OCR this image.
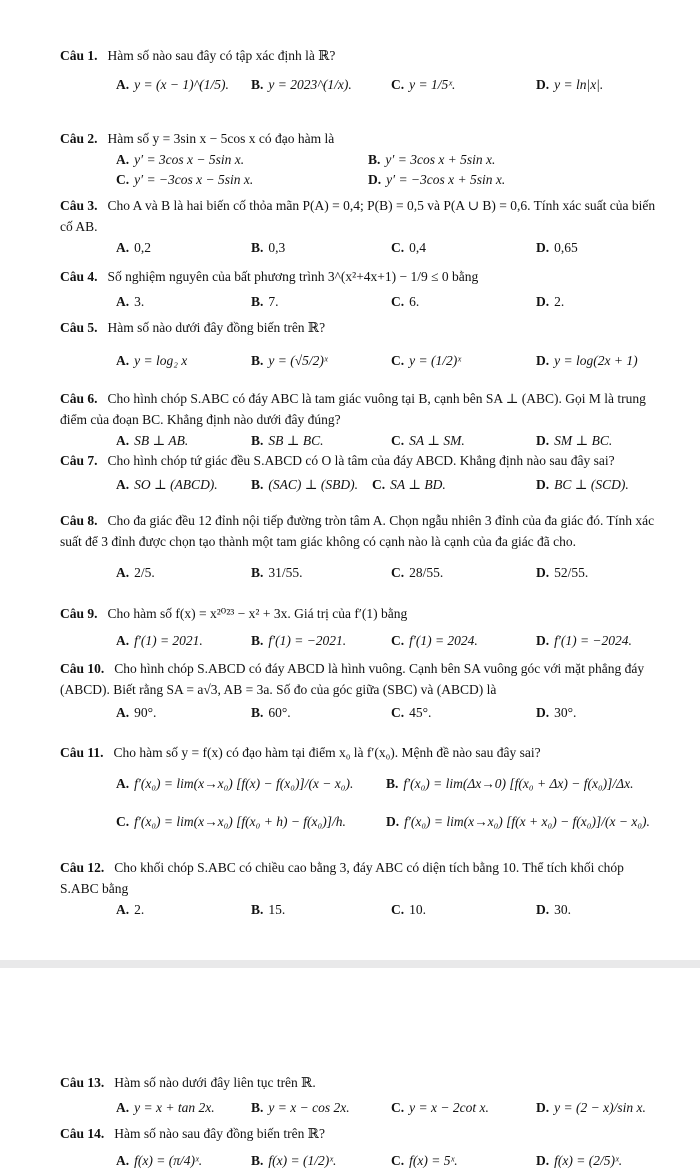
Câu 1. Hàm số nào sau đây có tập xác định là ℝ?
A. y = (x − 1)^(1/5). B. y = 2023^(1/x).	C. y = 1/5ˣ.	D. y = ln|x|.
Câu 2. Hàm số y = 3sin x − 5cos x có đạo hàm là
A. y′ = 3cos x − 5sin x.	B. y′ = 3cos x + 5sin x.
C. y′ = −3cos x − 5sin x.	D. y′ = −3cos x + 5sin x.
Câu 3. Cho A và B là hai biến cố thỏa mãn P(A) = 0,4; P(B) = 0,5 và P(A ∪ B) = 0,6. Tính xác suất của biến cố AB.
A. 0,2	B. 0,3	C. 0,4	D. 0,65
Câu 4. Số nghiệm nguyên của bất phương trình 3^(x²+4x+1) − 1/9 ≤ 0 bằng
A. 3.	B. 7.	C. 6.	D. 2.
Câu 5. Hàm số nào dưới đây đồng biến trên ℝ?
A. y = log₂ x	B. y = (√5/2)ˣ	C. y = (1/2)ˣ	D. y = log(2x + 1)
Câu 6. Cho hình chóp S.ABC có đáy ABC là tam giác vuông tại B, cạnh bên SA ⊥ (ABC). Gọi M là trung điểm của đoạn BC. Khẳng định nào dưới đây đúng?
A. SB ⊥ AB.	B. SB ⊥ BC.	C. SA ⊥ SM.	D. SM ⊥ BC.
Câu 7. Cho hình chóp tứ giác đều S.ABCD có O là tâm của đáy ABCD. Khẳng định nào sau đây sai?
A. SO ⊥ (ABCD). B. (SAC) ⊥ (SBD). C. SA ⊥ BD.	D. BC ⊥ (SCD).
Câu 8. Cho đa giác đều 12 đỉnh nội tiếp đường tròn tâm A. Chọn ngẫu nhiên 3 đỉnh của đa giác đó. Tính xác suất để 3 đỉnh được chọn tạo thành một tam giác không có cạnh nào là cạnh của đa giác đã cho.
A. 2/5.	B. 31/55.	C. 28/55.	D. 52/55.
Câu 9. Cho hàm số f(x) = x²⁰²³ − x² + 3x. Giá trị của f′(1) bằng
A. f′(1) = 2021.	B. f′(1) = −2021.	C. f′(1) = 2024.	D. f′(1) = −2024.
Câu 10. Cho hình chóp S.ABCD có đáy ABCD là hình vuông. Cạnh bên SA vuông góc với mặt phẳng đáy (ABCD). Biết rằng SA = a√3, AB = 3a. Số đo của góc giữa (SBC) và (ABCD) là
A. 90°.	B. 60°.	C. 45°.	D. 30°.
Câu 11. Cho hàm số y = f(x) có đạo hàm tại điểm x₀ là f′(x₀). Mệnh đề nào sau đây sai?
A. f′(x₀) = lim(x→x₀) [f(x) − f(x₀)]/(x − x₀). B. f′(x₀) = lim(Δx→0) [f(x₀ + Δx) − f(x₀)]/Δx.
C. f′(x₀) = lim(x→x₀) [f(x₀ + h) − f(x₀)]/h.	D. f′(x₀) = lim(x→x₀) [f(x + x₀) − f(x₀)]/(x − x₀).
Câu 12. Cho khối chóp S.ABC có chiều cao bằng 3, đáy ABC có diện tích bằng 10. Thể tích khối chóp S.ABC bằng
A. 2.	B. 15.	C. 10.	D. 30.
Câu 13. Hàm số nào dưới đây liên tục trên ℝ.
A. y = x + tan 2x.	B. y = x − cos 2x.	C. y = x − 2cot x.	D. y = (2 − x)/sin x.
Câu 14. Hàm số nào sau đây đồng biến trên ℝ?
A. f(x) = (π/4)ˣ.	B. f(x) = (1/2)ˣ.	C. f(x) = 5ˣ.	D. f(x) = (2/5)ˣ.
